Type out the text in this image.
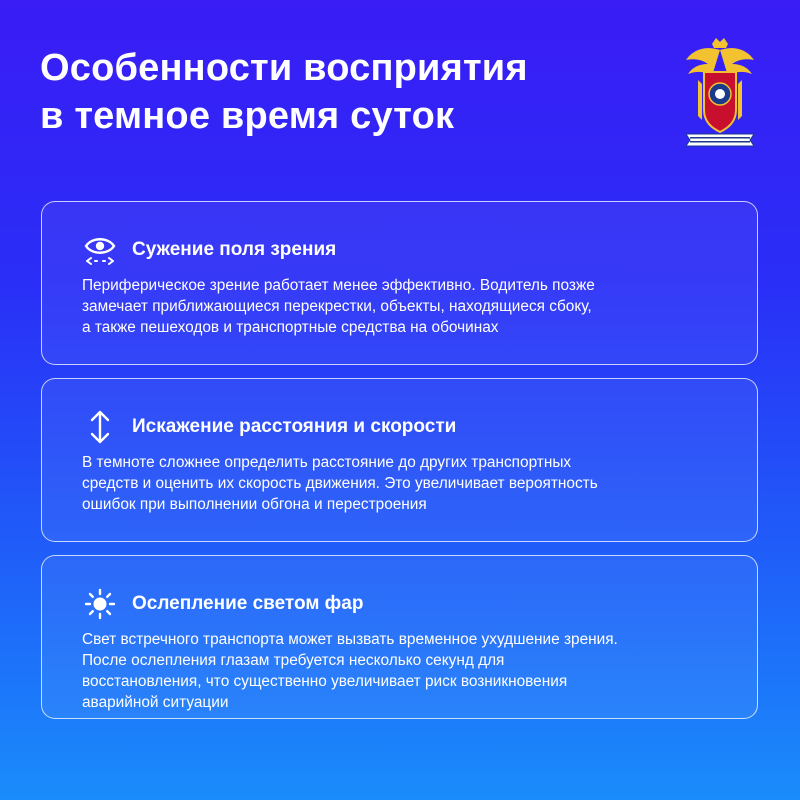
Особенности восприятия
в темное время суток
Сужение поля зрения
Периферическое зрение работает менее эффективно. Водитель позже
замечает приближающиеся перекрестки, объекты, находящиеся сбоку,
а также пешеходов и транспортные средства на обочинах
Искажение расстояния и скорости
В темноте сложнее определить расстояние до других транспортных
средств и оценить их скорость движения. Это увеличивает вероятность
ошибок при выполнении обгона и перестроения
Ослепление светом фар
Свет встречного транспорта может вызвать временное ухудшение зрения.
После ослепления глазам требуется несколько секунд для
восстановления, что существенно увеличивает риск возникновения
аварийной ситуации
